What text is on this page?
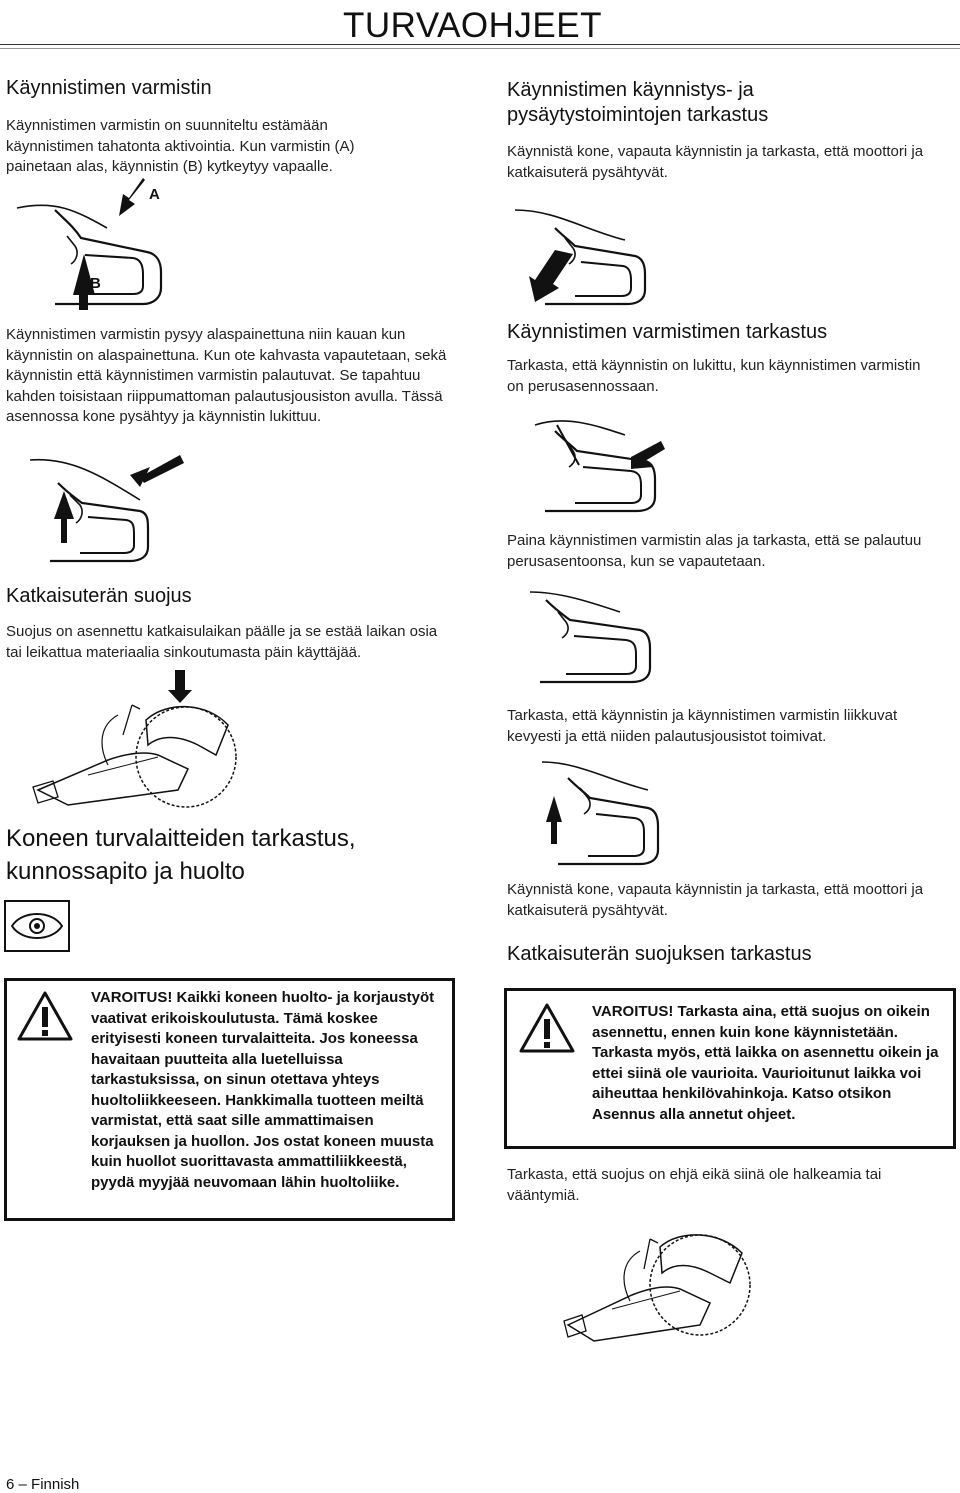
TURVAOHJEET
Käynnistimen varmistin

Käynnistimen varmistin on suunniteltu estämään käynnistimen tahatonta aktivointia. Kun varmistin (A) painetaan alas, käynnistin (B) kytkeytyy vapaalle.

A
B

Käynnistimen varmistin pysyy alaspainettuna niin kauan kun käynnistin on alaspainettuna. Kun ote kahvasta vapautetaan, sekä käynnistin että käynnistimen varmistin palautuvat. Se tapahtuu kahden toisistaan riippumattoman palautusjousiston avulla. Tässä asennossa kone pysähtyy ja käynnistin lukittuu.

Katkaisuterän suojus

Suojus on asennettu katkaisulaikan päälle ja se estää laikan osia tai leikattua materiaalia sinkoutumasta päin käyttäjää.

Koneen turvalaitteiden tarkastus, kunnossapito ja huolto

VAROITUS! Kaikki koneen huolto- ja korjaustyöt vaativat erikoiskoulutusta. Tämä koskee erityisesti koneen turvalaitteita. Jos koneessa havaitaan puutteita alla luetelluissa tarkastuksissa, on sinun otettava yhteys huoltoliikkeeseen. Hankkimalla tuotteen meiltä varmistat, että saat sille ammattimaisen korjauksen ja huollon. Jos ostat koneen muusta kuin huollot suorittavasta ammattiliikkeestä, pyydä myyjää neuvomaan lähin huoltoliike.

Käynnistimen käynnistys- ja pysäytystoimintojen tarkastus

Käynnistä kone, vapauta käynnistin ja tarkasta, että moottori ja katkaisuterä pysähtyvät.

Käynnistimen varmistimen tarkastus

Tarkasta, että käynnistin on lukittu, kun käynnistimen varmistin on perusasennossaan.

Paina käynnistimen varmistin alas ja tarkasta, että se palautuu perusasentoonsa, kun se vapautetaan.

Tarkasta, että käynnistin ja käynnistimen varmistin liikkuvat kevyesti ja että niiden palautusjousistot toimivat.

Käynnistä kone, vapauta käynnistin ja tarkasta, että moottori ja katkaisuterä pysähtyvät.

Katkaisuterän suojuksen tarkastus

VAROITUS! Tarkasta aina, että suojus on oikein asennettu, ennen kuin kone käynnistetään. Tarkasta myös, että laikka on asennettu oikein ja ettei siinä ole vaurioita. Vaurioitunut laikka voi aiheuttaa henkilövahinkoja. Katso otsikon Asennus alla annetut ohjeet.

Tarkasta, että suojus on ehjä eikä siinä ole halkeamia tai vääntymiä.

6 – Finnish
